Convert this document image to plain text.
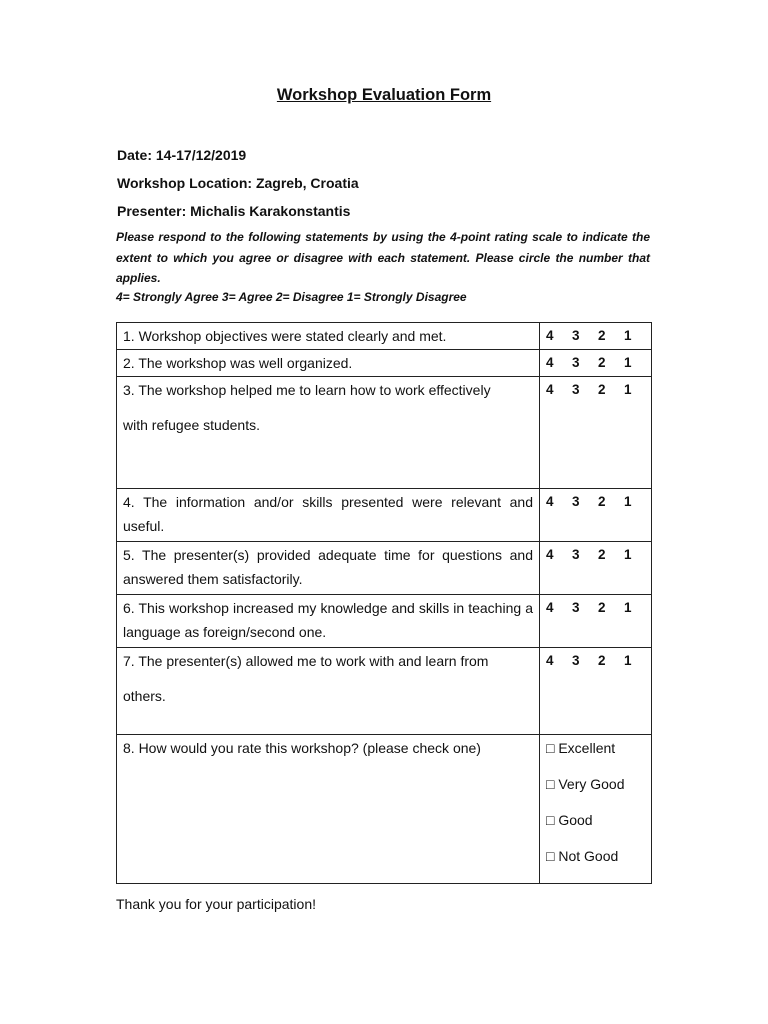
Workshop Evaluation Form
Date: 14-17/12/2019
Workshop Location: Zagreb, Croatia
Presenter: Michalis Karakonstantis
Please respond to the following statements by using the 4-point rating scale to indicate the extent to which you agree or disagree with each statement. Please circle the number that applies.
4= Strongly Agree 3= Agree 2= Disagree 1= Strongly Disagree
1. Workshop objectives were stated clearly and met.	4 3 2 1

2. The workshop was well organized.	4 3 2 1

3. The workshop helped me to learn how to work effectively
with refugee students.	4 3 2 1

4. The information and/or skills presented were relevant and useful.	4 3 2 1

5. The presenter(s) provided adequate time for questions and answered them satisfactorily.	4 3 2 1

6. This workshop increased my knowledge and skills in teaching a language as foreign/second one.	4 3 2 1

7. The presenter(s) allowed me to work with and learn from
others.	4 3 2 1

8. How would you rate this workshop? (please check one)	□ Excellent
□ Very Good
□ Good
□ Not Good
Thank you for your participation!
